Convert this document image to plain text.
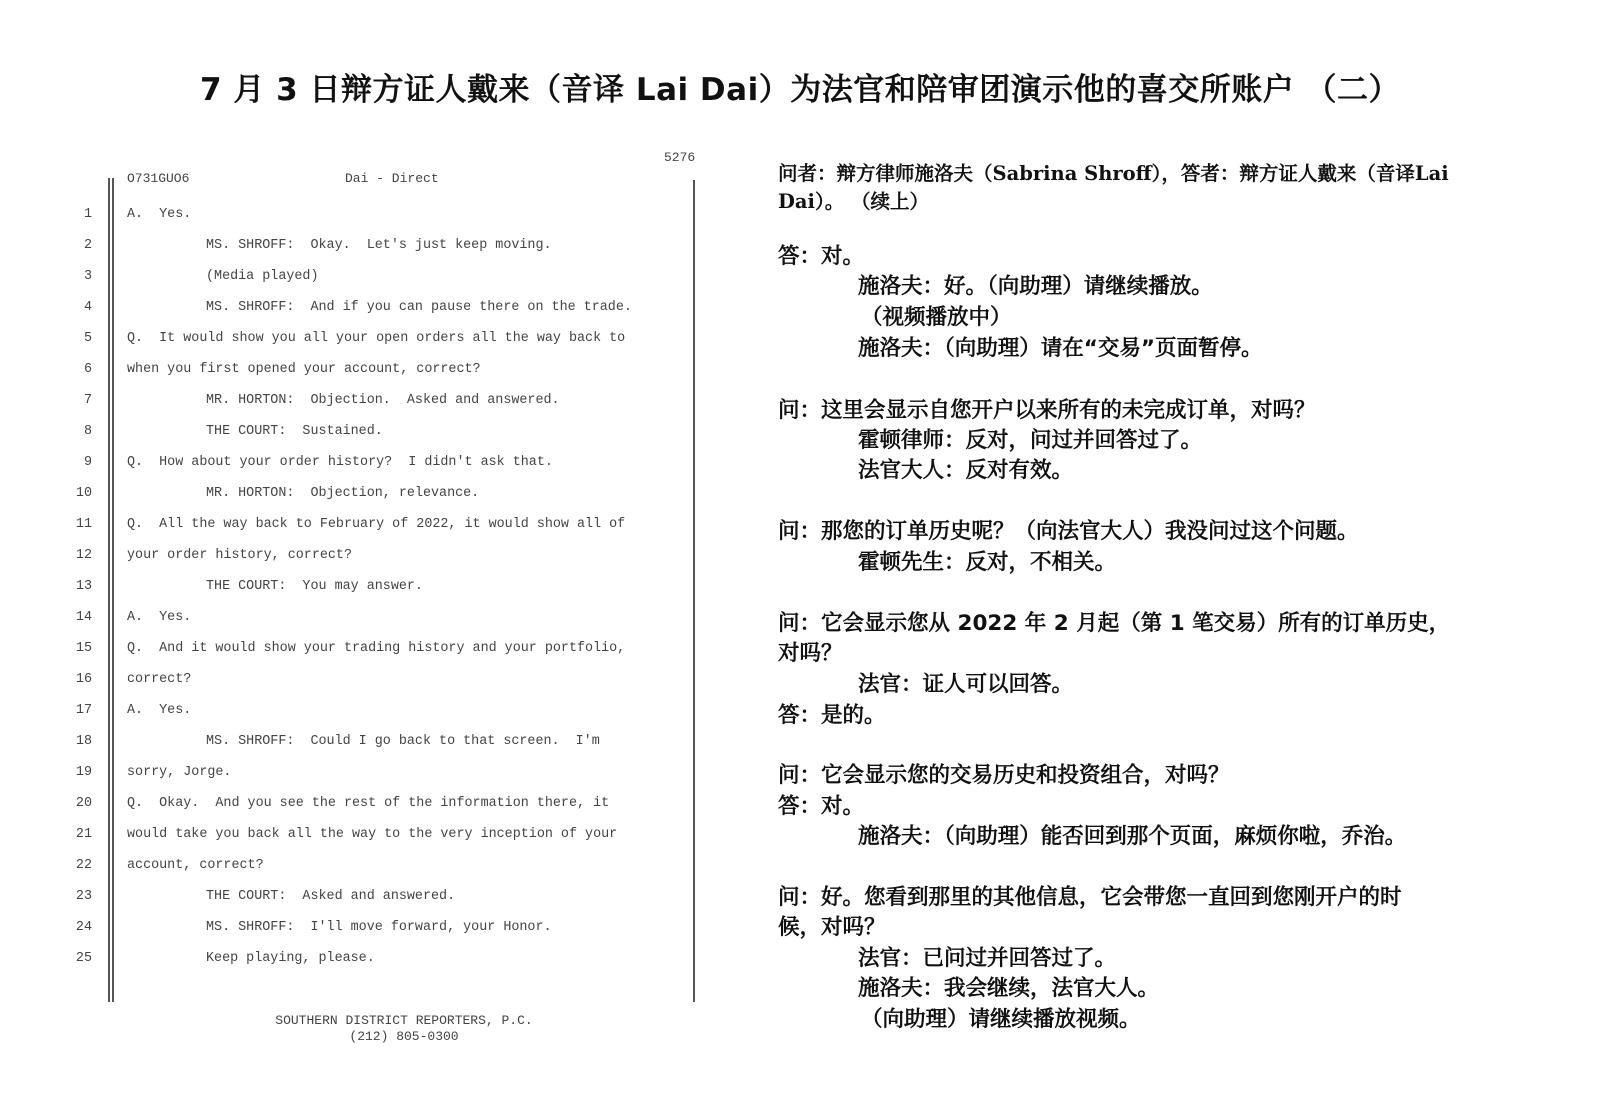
7 月 3 日辩方证人戴来（音译 Lai Dai）为法官和陪审团演示他的喜交所账户 （二）
5276
O731GUO6	Dai - Direct
1	A.  Yes.
2	MS. SHROFF:  Okay.  Let's just keep moving.
3	(Media played)
4	MS. SHROFF:  And if you can pause there on the trade.
5	Q.  It would show you all your open orders all the way back to
6	when you first opened your account, correct?
7	MR. HORTON:  Objection.  Asked and answered.
8	THE COURT:  Sustained.
9	Q.  How about your order history?  I didn't ask that.
10	MR. HORTON:  Objection, relevance.
11	Q.  All the way back to February of 2022, it would show all of
12	your order history, correct?
13	THE COURT:  You may answer.
14	A.  Yes.
15	Q.  And it would show your trading history and your portfolio,
16	correct?
17	A.  Yes.
18	MS. SHROFF:  Could I go back to that screen.  I'm
19	sorry, Jorge.
20	Q.  Okay.  And you see the rest of the information there, it
21	would take you back all the way to the very inception of your
22	account, correct?
23	THE COURT:  Asked and answered.
24	MS. SHROFF:  I'll move forward, your Honor.
25	Keep playing, please.
SOUTHERN DISTRICT REPORTERS, P.C.
(212) 805-0300
问者：辩方律师施洛夫（Sabrina Shroff），答者：辩方证人戴来（音译Lai Dai）。 （续上）
答：对。
施洛夫：好。（向助理）请继续播放。
（视频播放中）
施洛夫：（向助理）请在“交易”页面暂停。
问：这里会显示自您开户以来所有的未完成订单，对吗？
霍顿律师：反对，问过并回答过了。
法官大人：反对有效。
问：那您的订单历史呢？（向法官大人）我没问过这个问题。
霍顿先生：反对，不相关。
问：它会显示您从 2022 年 2 月起（第 1 笔交易）所有的订单历史，
对吗？
法官：证人可以回答。
答：是的。
问：它会显示您的交易历史和投资组合，对吗？
答：对。
施洛夫：（向助理）能否回到那个页面，麻烦你啦，乔治。
问：好。您看到那里的其他信息，它会带您一直回到您刚开户的时
候，对吗？
法官：已问过并回答过了。
施洛夫：我会继续，法官大人。
（向助理）请继续播放视频。
